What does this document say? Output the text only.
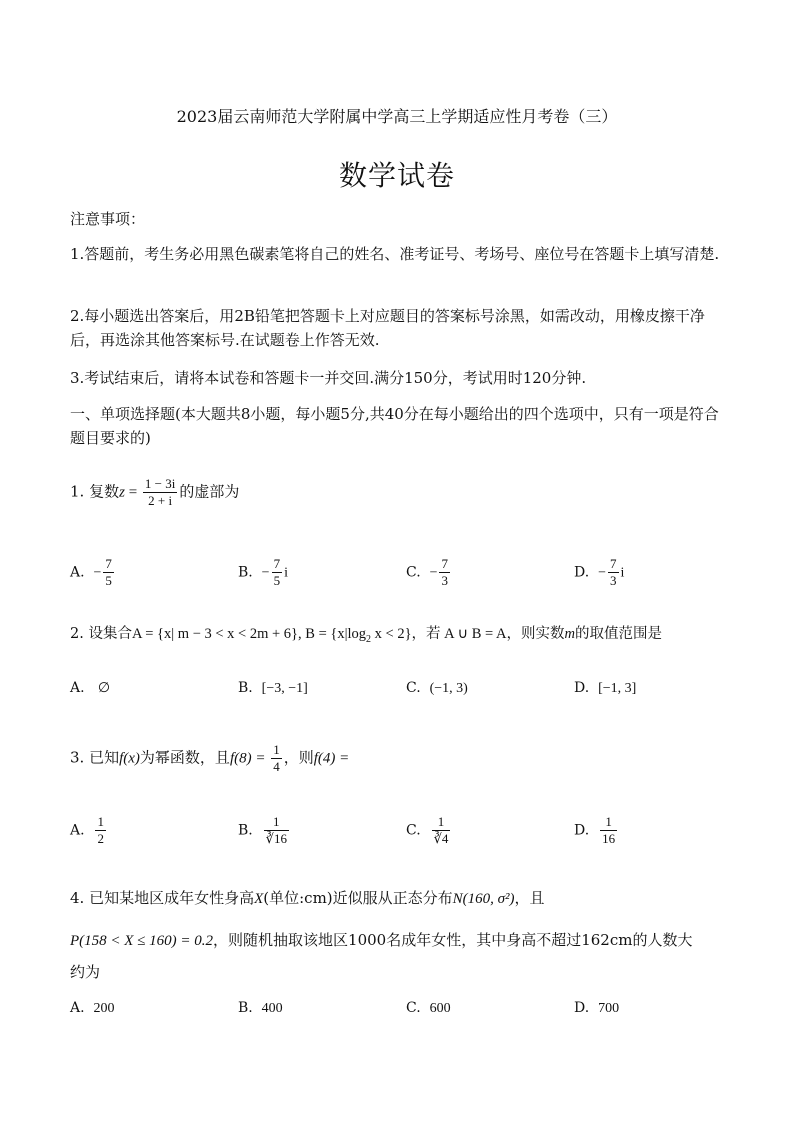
2023届云南师范大学附属中学高三上学期适应性月考卷（三）
数学试卷
注意事项：
1.答题前，考生务必用黑色碳素笔将自己的姓名、准考证号、考场号、座位号在答题卡上填写清楚.
2.每小题选出答案后，用2B铅笔把答题卡上对应题目的答案标号涂黑，如需改动，用橡皮擦干净后，再选涂其他答案标号.在试题卷上作答无效.
3.考试结束后，请将本试卷和答题卡一并交回.满分150分，考试用时120分钟.
一、单项选择题(本大题共8小题，每小题5分,共40分在每小题给出的四个选项中，只有一项是符合题目要求的)
1. 复数$z = \frac{1 - 3i}{2 + i}$ 的虚部为
A. − $\frac{7}{5}$	B. − $\frac{7}{5}$ i	C. − $\frac{7}{3}$	D. − $\frac{7}{3}$ i
2. 设集合A = {x| m − 3 < x < 2m + 6}, $B = \{x|\log_2$ x < 2}，若 A ∪ B = A，则实数m的取值范围是
A. ∅	B. [−3, −1]	C. (−1, 3)	D. [−1, 3]
3. 已知f(x)为幂函数，且$f(8) = \frac{1}{4}$ ，则f(4) =
A. $\frac{1}{2}$	B. $\frac{1}{∛16}$	C. $\frac{1}{∛4}$	D. $\frac{1}{16}$
4. 已知某地区成年女性身高X(单位:cm)近似服从正态分布N(160, σ²)，且
P(158 < X ≤ 160) = 0.2，则随机抽取该地区1000名成年女性，其中身高不超过162cm的人数大
约为
A. 200	B. 400	C. 600	D. 700
